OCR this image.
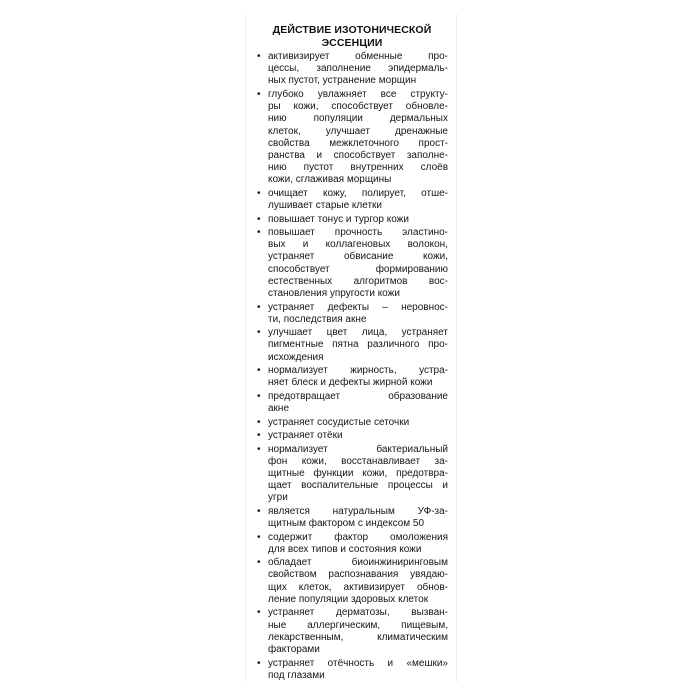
ДЕЙСТВИЕ ИЗОТОНИЧЕСКОЙ
ЭССЕНЦИИ
• активизирует обменные про-
цессы, заполнение эпидермаль-
ных пустот, устранение морщин
• глубоко увлажняет все структу-
ры кожи, способствует обновле-
нию популяции дермальных
клеток, улучшает дренажные
свойства межклеточного прост-
ранства и способствует заполне-
нию пустот внутренних слоёв
кожи, сглаживая морщины
• очищает кожу, полирует, отше-
лушивает старые клетки
• повышает тонус и тургор кожи
• повышает прочность эластино-
вых и коллагеновых волокон,
устраняет обвисание кожи,
способствует формированию
естественных алгоритмов вос-
становления упругости кожи
• устраняет дефекты – неровнос-
ти, последствия акне
• улучшает цвет лица, устраняет
пигментные пятна различного про-
исхождения
• нормализует жирность, устра-
няет блеск и дефекты жирной кожи
• предотвращает образование
акне
• устраняет сосудистые сеточки
• устраняет отёки
• нормализует бактериальный
фон кожи, восстанавливает за-
щитные функции кожи, предотвра-
щает воспалительные процессы и
угри
• является натуральным УФ-за-
щитным фактором с индексом 50
• содержит фактор омоложения
для всех типов и состояния кожи
• обладает биоинжиниринговым
свойством распознавания увядаю-
щих клеток, активизирует обнов-
ление популяции здоровых клеток
• устраняет дерматозы, вызван-
ные аллергическим, пищевым,
лекарственным, климатическим
факторами
• устраняет отёчность и «мешки»
под глазами
